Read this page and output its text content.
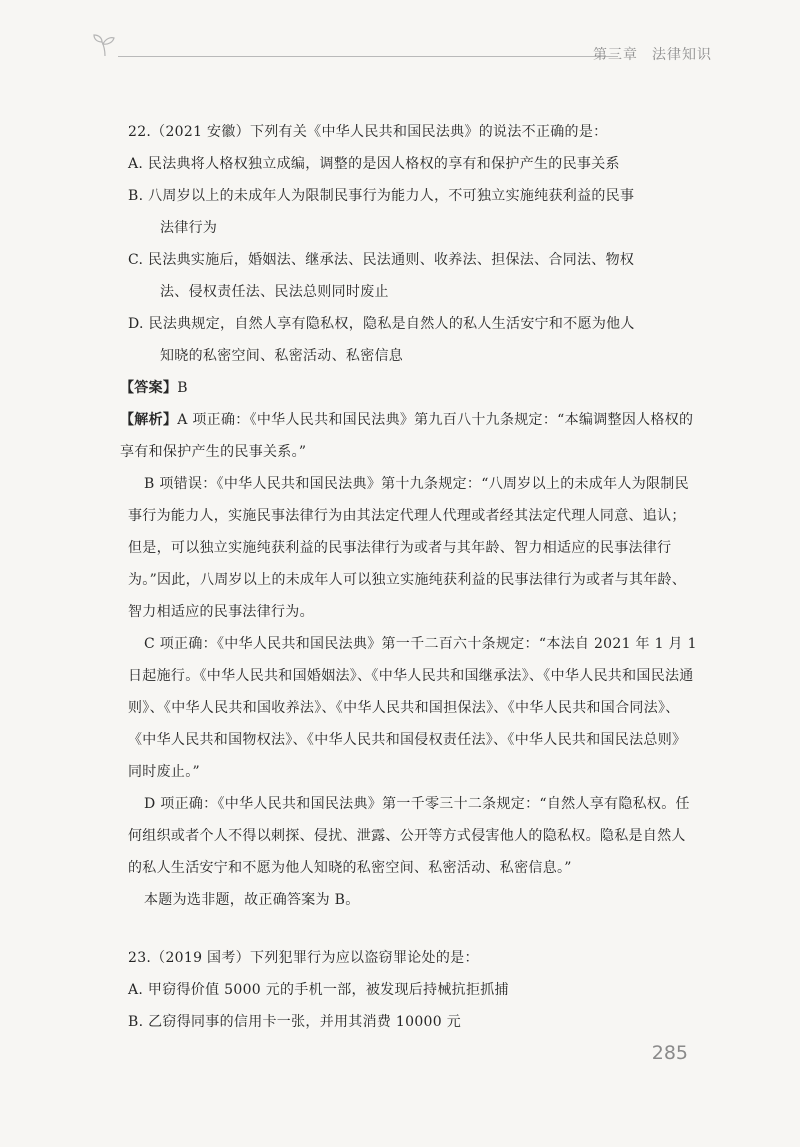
第三章 法律知识

22.（2021 安徽）下列有关《中华人民共和国民法典》的说法不正确的是：

A. 民法典将人格权独立成编，调整的是因人格权的享有和保护产生的民事关系

B. 八周岁以上的未成年人为限制民事行为能力人，不可独立实施纯获利益的民事
法律行为

C. 民法典实施后，婚姻法、继承法、民法通则、收养法、担保法、合同法、物权
法、侵权责任法、民法总则同时废止

D. 民法典规定，自然人享有隐私权，隐私是自然人的私人生活安宁和不愿为他人
知晓的私密空间、私密活动、私密信息

【答案】B

【解析】A 项正确：《中华人民共和国民法典》第九百八十九条规定：“本编调整因人格权的享有和保护产生的民事关系。”

B 项错误：《中华人民共和国民法典》第十九条规定：“八周岁以上的未成年人为限制民事行为能力人，实施民事法律行为由其法定代理人代理或者经其法定代理人同意、追认；但是，可以独立实施纯获利益的民事法律行为或者与其年龄、智力相适应的民事法律行为。”因此，八周岁以上的未成年人可以独立实施纯获利益的民事法律行为或者与其年龄、智力相适应的民事法律行为。

C 项正确：《中华人民共和国民法典》第一千二百六十条规定：“本法自 2021 年 1 月 1 日起施行。《中华人民共和国婚姻法》、《中华人民共和国继承法》、《中华人民共和国民法通则》、《中华人民共和国收养法》、《中华人民共和国担保法》、《中华人民共和国合同法》、《中华人民共和国物权法》、《中华人民共和国侵权责任法》、《中华人民共和国民法总则》同时废止。”

D 项正确：《中华人民共和国民法典》第一千零三十二条规定：“自然人享有隐私权。任何组织或者个人不得以刺探、侵扰、泄露、公开等方式侵害他人的隐私权。隐私是自然人的私人生活安宁和不愿为他人知晓的私密空间、私密活动、私密信息。”

本题为选非题，故正确答案为 B。

23.（2019 国考）下列犯罪行为应以盗窃罪论处的是：

A. 甲窃得价值 5000 元的手机一部，被发现后持械抗拒抓捕

B. 乙窃得同事的信用卡一张，并用其消费 10000 元

285
